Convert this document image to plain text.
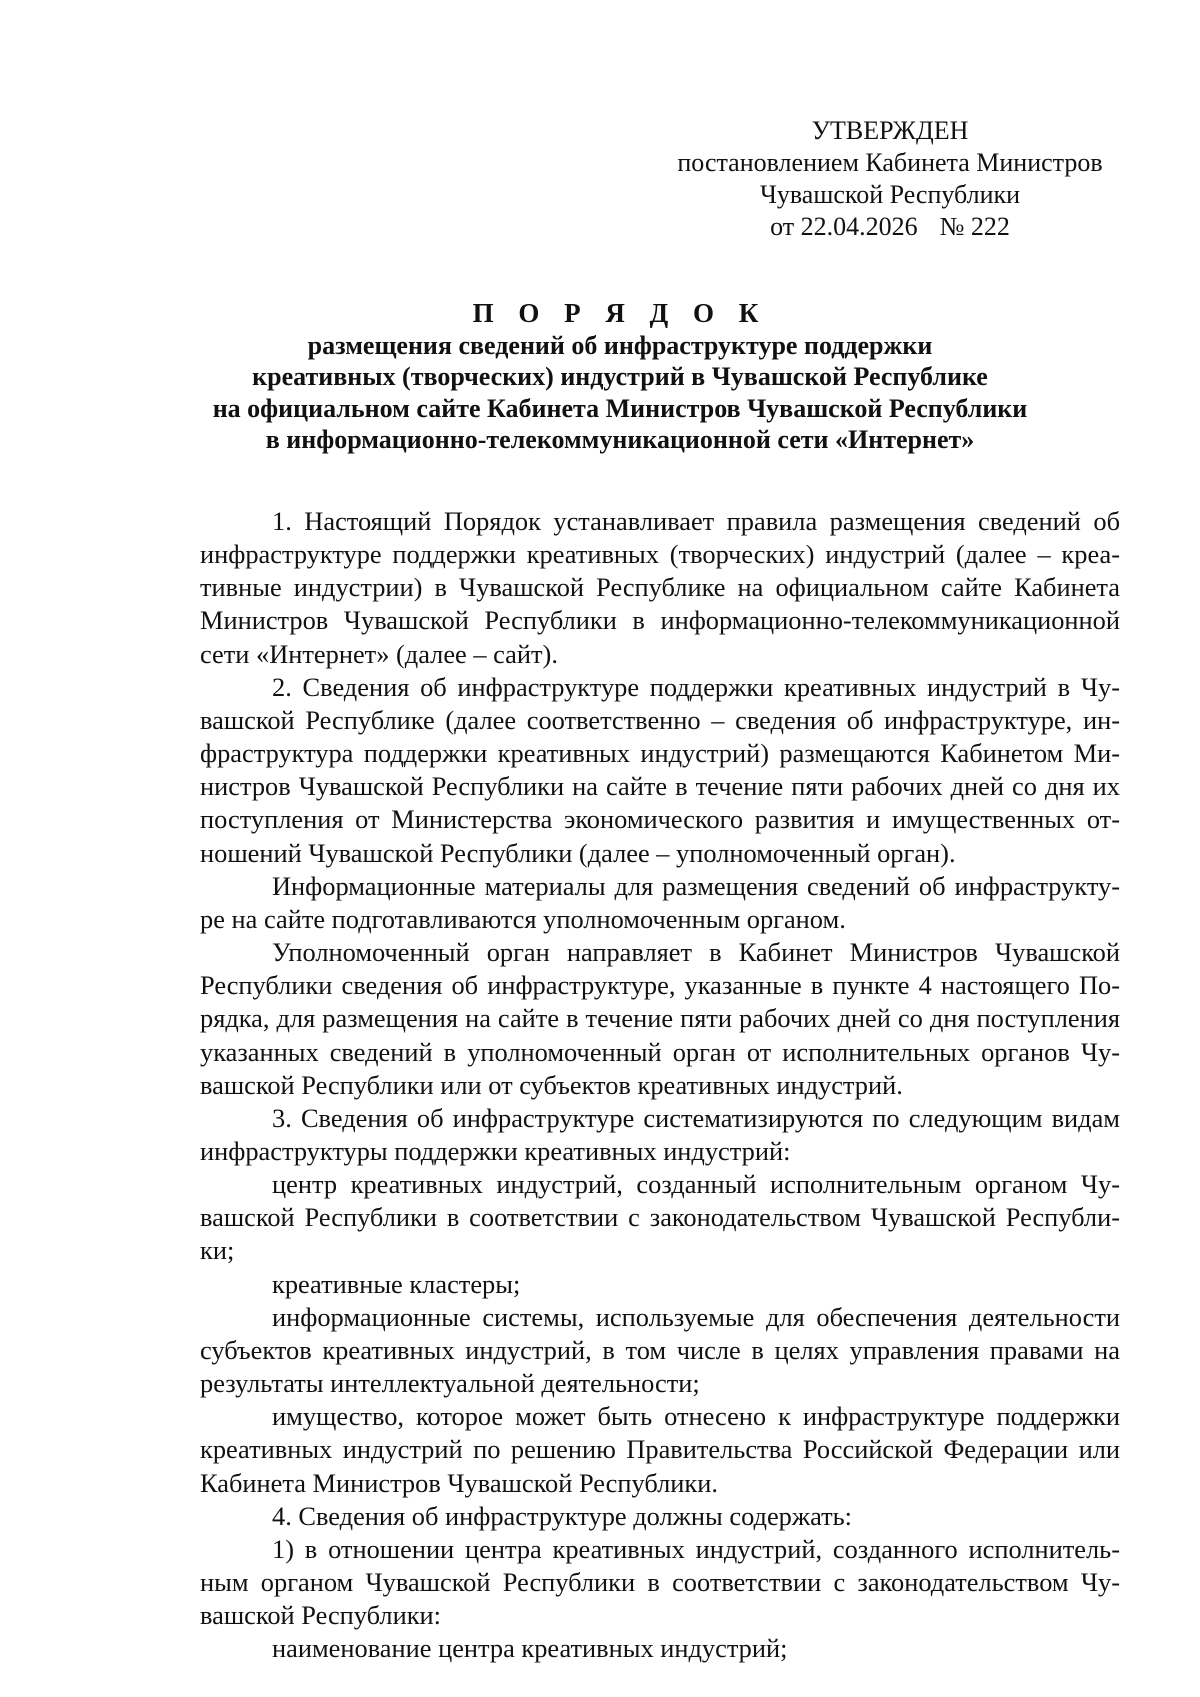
УТВЕРЖДЕН
постановлением Кабинета Министров
Чувашской Республики
от 22.04.2026 № 222
П О Р Я Д О К
размещения сведений об инфраструктуре поддержки
креативных (творческих) индустрий в Чувашской Республике
на официальном сайте Кабинета Министров Чувашской Республики
в информационно-телекоммуникационной сети «Интернет»

1. Настоящий Порядок устанавливает правила размещения сведений об инфраструктуре поддержки креативных (творческих) индустрий (далее – креативные индустрии) в Чувашской Республике на официальном сайте Кабинета Министров Чувашской Республики в информационно-телекоммуникационной сети «Интернет» (далее – сайт).

2. Сведения об инфраструктуре поддержки креативных индустрий в Чувашской Республике (далее соответственно – сведения об инфраструктуре, инфраструктура поддержки креативных индустрий) размещаются Кабинетом Министров Чувашской Республики на сайте в течение пяти рабочих дней со дня их поступления от Министерства экономического развития и имущественных отношений Чувашской Республики (далее – уполномоченный орган).

Информационные материалы для размещения сведений об инфраструктуре на сайте подготавливаются уполномоченным органом.

Уполномоченный орган направляет в Кабинет Министров Чувашской Республики сведения об инфраструктуре, указанные в пункте 4 настоящего Порядка, для размещения на сайте в течение пяти рабочих дней со дня поступления указанных сведений в уполномоченный орган от исполнительных органов Чувашской Республики или от субъектов креативных индустрий.

3. Сведения об инфраструктуре систематизируются по следующим видам инфраструктуры поддержки креативных индустрий:

центр креативных индустрий, созданный исполнительным органом Чувашской Республики в соответствии с законодательством Чувашской Республики;

креативные кластеры;

информационные системы, используемые для обеспечения деятельности субъектов креативных индустрий, в том числе в целях управления правами на результаты интеллектуальной деятельности;

имущество, которое может быть отнесено к инфраструктуре поддержки креативных индустрий по решению Правительства Российской Федерации или Кабинета Министров Чувашской Республики.

4. Сведения об инфраструктуре должны содержать:

1) в отношении центра креативных индустрий, созданного исполнительным органом Чувашской Республики в соответствии с законодательством Чувашской Республики:

наименование центра креативных индустрий;
